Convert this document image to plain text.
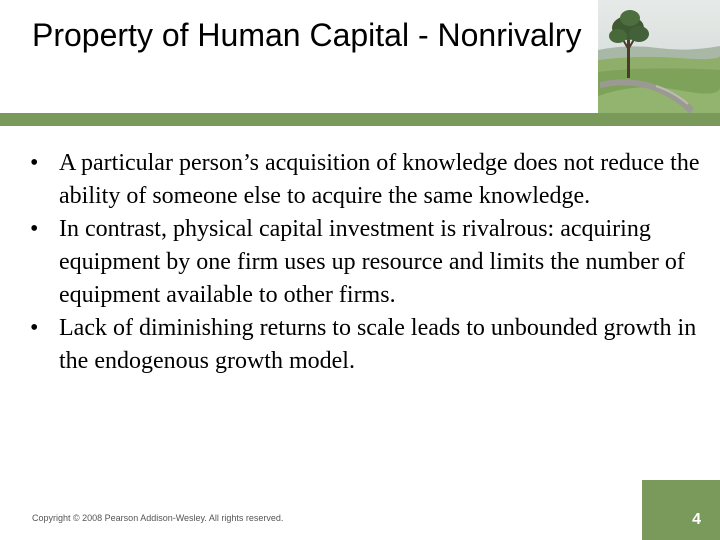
Property of Human Capital - Nonrivalry
• A particular person’s acquisition of knowledge does not reduce the ability of someone else to acquire the same knowledge.
• In contrast, physical capital investment is rivalrous: acquiring equipment by one firm uses up resource and limits the number of equipment available to other firms.
• Lack of diminishing returns to scale leads to unbounded growth in the endogenous growth model.
Copyright © 2008 Pearson Addison-Wesley. All rights reserved.	4
